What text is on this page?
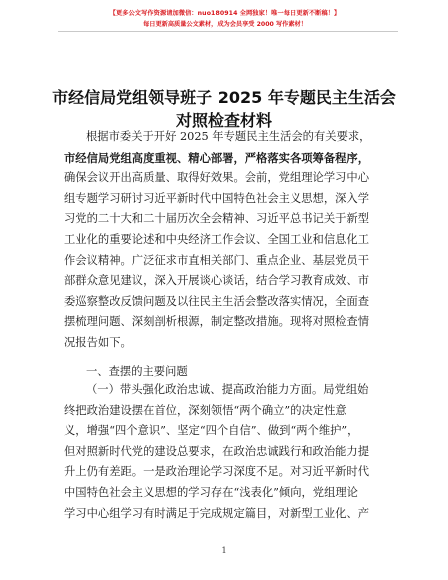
【更多公文写作资源请加微信：nuo180914 全网独家！唯一每日更新不断稿！】
每日更新高质量公文素材，成为会员享受 2000 写作素材！
市经信局党组领导班子 2025 年专题民主生活会
对照检查材料
根据市委关于开好 2025 年专题民主生活会的有关要求，
市经信局党组高度重视、精心部署，严格落实各项筹备程序，
确保会议开出高质量、取得好效果。会前，党组理论学习中心
组专题学习研讨习近平新时代中国特色社会主义思想，深入学
习党的二十大和二十届历次全会精神、习近平总书记关于新型
工业化的重要论述和中央经济工作会议、全国工业和信息化工
作会议精神。广泛征求市直相关部门、重点企业、基层党员干
部群众意见建议，深入开展谈心谈话，结合学习教育成效、市
委巡察整改反馈问题及以往民主生活会整改落实情况，全面查
摆梳理问题、深刻剖析根源，制定整改措施。现将对照检查情
况报告如下。
一、查摆的主要问题
（一）带头强化政治忠诚、提高政治能力方面。局党组始
终把政治建设摆在首位，深刻领悟“两个确立”的决定性意
义，增强“四个意识”、坚定“四个自信”、做到“两个维护”，
但对照新时代党的建设总要求，在政治忠诚践行和政治能力提
升上仍有差距。一是政治理论学习深度不足。对习近平新时代
中国特色社会主义思想的学习存在“浅表化”倾向，党组理论
学习中心组学习有时满足于完成规定篇目，对新型工业化、产
1
